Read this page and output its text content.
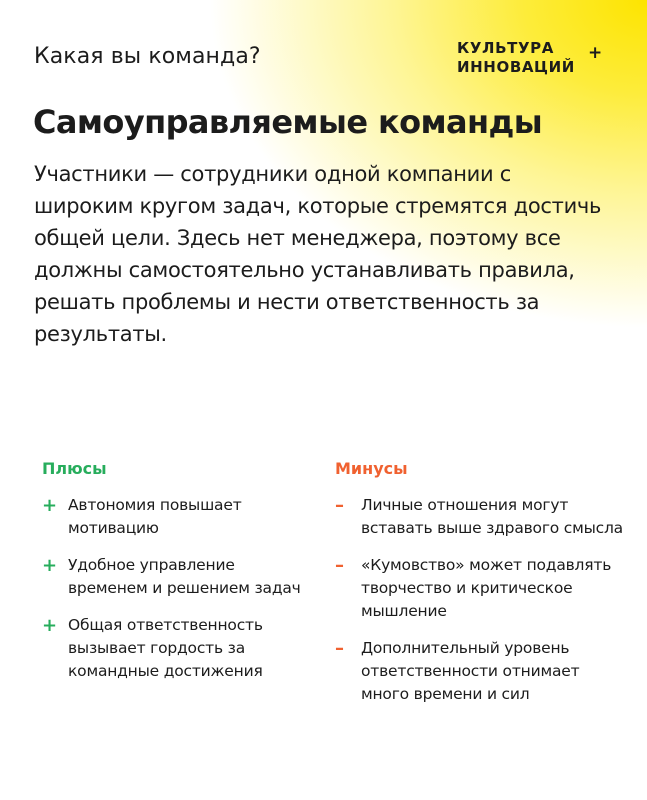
Какая вы команда?	КУЛЬТУРА
ИННОВАЦИЙ
+
Самоуправляемые команды

Участники — сотрудники одной компании с широким кругом задач, которые стремятся достичь общей цели. Здесь нет менеджера, поэтому все должны самостоятельно устанавливать правила, решать проблемы и нести ответственность за результаты.

Плюсы	Минусы
+ Автономия повышает мотивацию
+ Удобное управление временем и решением задач
+ Общая ответственность вызывает гордость за командные достижения
– Личные отношения могут вставать выше здравого смысла
– «Кумовство» может подавлять творчество и критическое мышление
– Дополнительный уровень ответственности отнимает много времени и сил
